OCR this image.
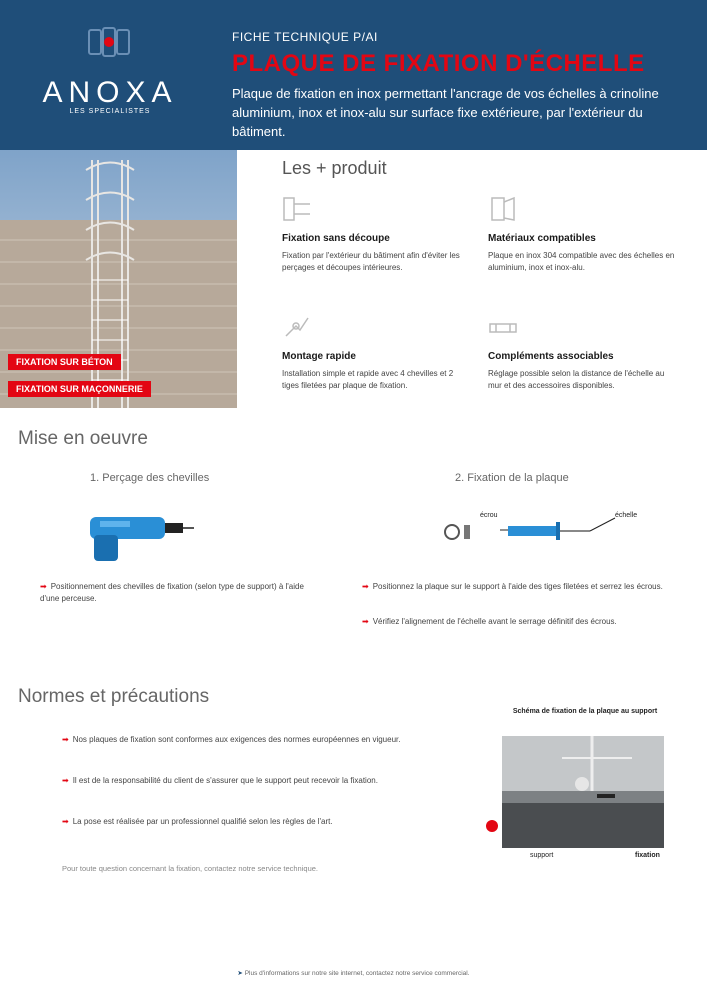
ANOXA
LES SPECIALISTES
FICHE TECHNIQUE P/AI
PLAQUE DE FIXATION D'ÉCHELLE
Plaque de fixation en inox permettant l'ancrage de vos échelles à crinoline aluminium, inox et inox-alu sur surface fixe extérieure, par l'extérieur du bâtiment.
FIXATION SUR BÉTON
FIXATION SUR MAÇONNERIE
Les + produit
Fixation sans découpe
Fixation par l'extérieur du bâtiment afin d'éviter les perçages et découpes intérieures.
Matériaux compatibles
Plaque en inox 304 compatible avec des échelles en aluminium, inox et inox-alu.
Montage rapide
Installation simple et rapide avec 4 chevilles et 2 tiges filetées par plaque de fixation.
Compléments associables
Réglage possible selon la distance de l'échelle au mur et des accessoires disponibles.
Mise en oeuvre
1. Perçage des chevilles	2. Fixation de la plaque
écrou	échelle
➡ Positionnement des chevilles de fixation (selon type de support) à l'aide d'une perceuse.
➡ Positionnez la plaque sur le support à l'aide des tiges filetées et serrez les écrous.
➡ Vérifiez l'alignement de l'échelle avant le serrage définitif des écrous.
Normes et précautions
➡ Nos plaques de fixation sont conformes aux exigences des normes européennes en vigueur.
➡ Il est de la responsabilité du client de s'assurer que le support peut recevoir la fixation.
➡ La pose est réalisée par un professionnel qualifié selon les règles de l'art.
Pour toute question concernant la fixation, contactez notre service technique.
Schéma de fixation de la plaque au support
support	fixation
➤ Plus d'informations sur notre site internet, contactez notre service commercial.
